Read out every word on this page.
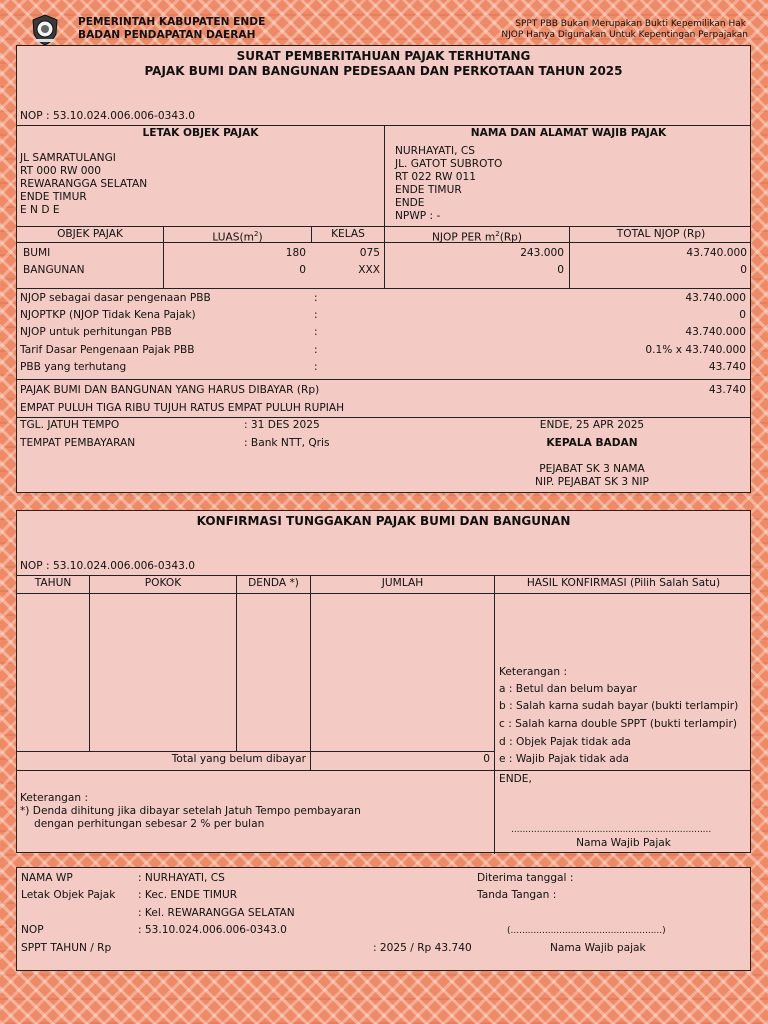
PEMERINTAH KABUPATEN ENDE
BADAN PENDAPATAN DAERAH
SPPT PBB Bukan Merupakan Bukti Kepemilikan Hak
NJOP Hanya Digunakan Untuk Kepentingan Perpajakan
SURAT PEMBERITAHUAN PAJAK TERHUTANG
PAJAK BUMI DAN BANGUNAN PEDESAAN DAN PERKOTAAN TAHUN 2025
NOP : 53.10.024.006.006-0343.0
LETAK OBJEK PAJAK	NAMA DAN ALAMAT WAJIB PAJAK
JL SAMRATULANGI
RT 000 RW 000
REWARANGGA SELATAN
ENDE TIMUR
E N D E
NURHAYATI, CS
JL. GATOT SUBROTO
RT 022 RW 011
ENDE TIMUR
ENDE
NPWP : -
OBJEK PAJAK	$LUAS(m^2)$	KELAS	NJOP PER $m^2(Rp)$	TOTAL NJOP (Rp)
BUMI	180	075	243.000	43.740.000
BANGUNAN	0	XXX	0	0
NJOP sebagai dasar pengenaan PBB	:	43.740.000
NJOPTKP (NJOP Tidak Kena Pajak)	:	0
NJOP untuk perhitungan PBB	:	43.740.000
Tarif Dasar Pengenaan Pajak PBB	:	0.1% x 43.740.000
PBB yang terhutang	:	43.740
PAJAK BUMI DAN BANGUNAN YANG HARUS DIBAYAR (Rp)	43.740
EMPAT PULUH TIGA RIBU TUJUH RATUS EMPAT PULUH RUPIAH
TGL. JATUH TEMPO	: 31 DES 2025
TEMPAT PEMBAYARAN	: Bank NTT, Qris
ENDE, 25 APR 2025
KEPALA BADAN
PEJABAT SK 3 NAMA
NIP. PEJABAT SK 3 NIP
KONFIRMASI TUNGGAKAN PAJAK BUMI DAN BANGUNAN
NOP : 53.10.024.006.006-0343.0
TAHUN	POKOK	DENDA *)	JUMLAH	HASIL KONFIRMASI (Pilih Salah Satu)
Keterangan :
a : Betul dan belum bayar
b : Salah karna sudah bayar (bukti terlampir)
c : Salah karna double SPPT (bukti terlampir)
d : Objek Pajak tidak ada
e : Wajib Pajak tidak ada
Total yang belum dibayar	0
ENDE,
Keterangan :
*) Denda dihitung jika dibayar setelah Jatuh Tempo pembayaran
dengan perhitungan sebesar 2 % per bulan	......................................................................
Nama Wajib Pajak
NAMA WP	: NURHAYATI, CS
Letak Objek Pajak : Kec. ENDE TIMUR
: Kel. REWARANGGA SELATAN
NOP	: 53.10.024.006.006-0343.0
SPPT TAHUN / Rp	: 2025 / Rp 43.740
Diterima tanggal :
Tanda Tangan :
(.....................................................)
Nama Wajib pajak
